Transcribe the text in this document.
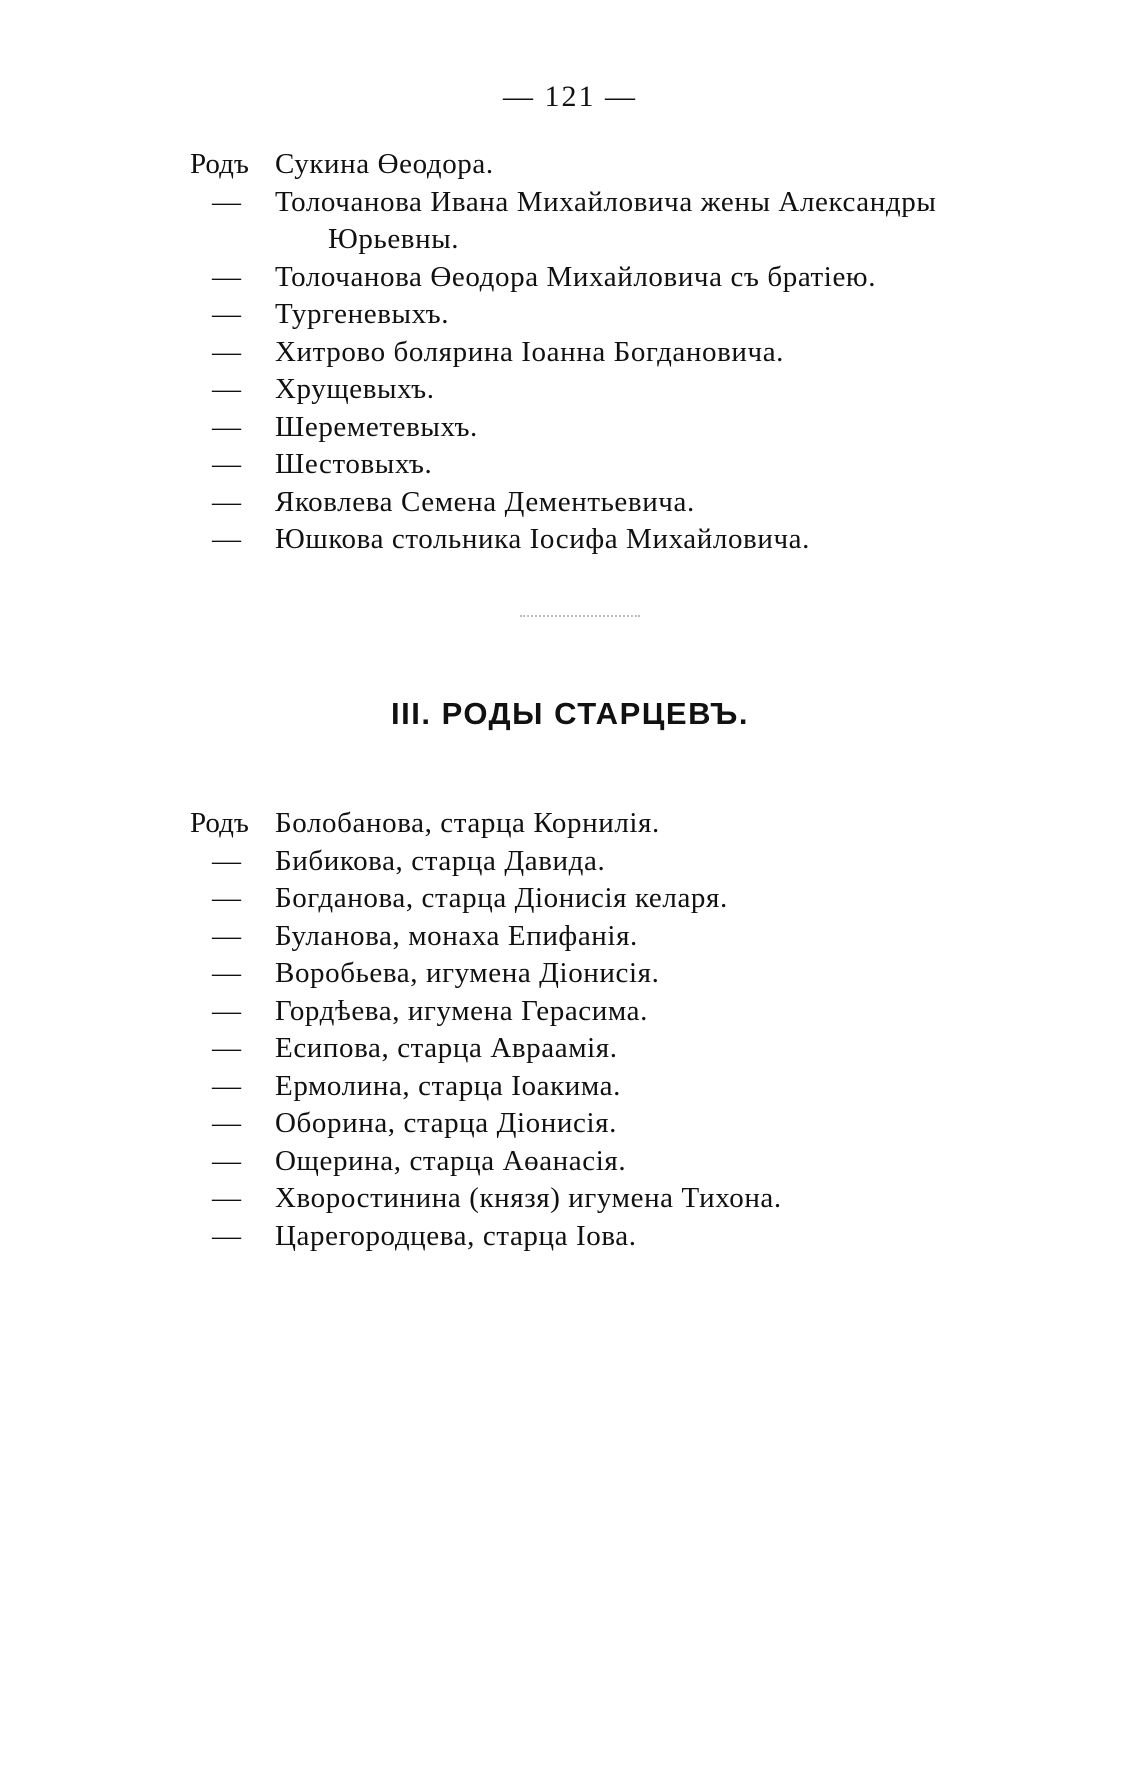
— 121 —
Родъ Сукина Өеодора.
— Толочанова Ивана Михайловича жены Александры
Юрьевны.
— Толочанова Өеодора Михайловича съ братіею.
— Тургеневыхъ.
— Хитрово болярина Іоанна Богдановича.
— Хрущевыхъ.
— Шереметевыхъ.
— Шестовыхъ.
— Яковлева Семена Дементьевича.
— Юшкова стольника Іосифа Михайловича.
III. РОДЫ СТАРЦЕВЪ.
Родъ Болобанова, старца Корнилія.
— Бибикова, старца Давида.
— Богданова, старца Діонисія келаря.
— Буланова, монаха Епифанія.
— Воробьева, игумена Діонисія.
— Гордѣева, игумена Герасима.
— Есипова, старца Авраамія.
— Ермолина, старца Іоакима.
— Оборина, старца Діонисія.
— Ощерина, старца Аөанасія.
— Хворостинина (князя) игумена Тихона.
— Царегородцева, старца Іова.
